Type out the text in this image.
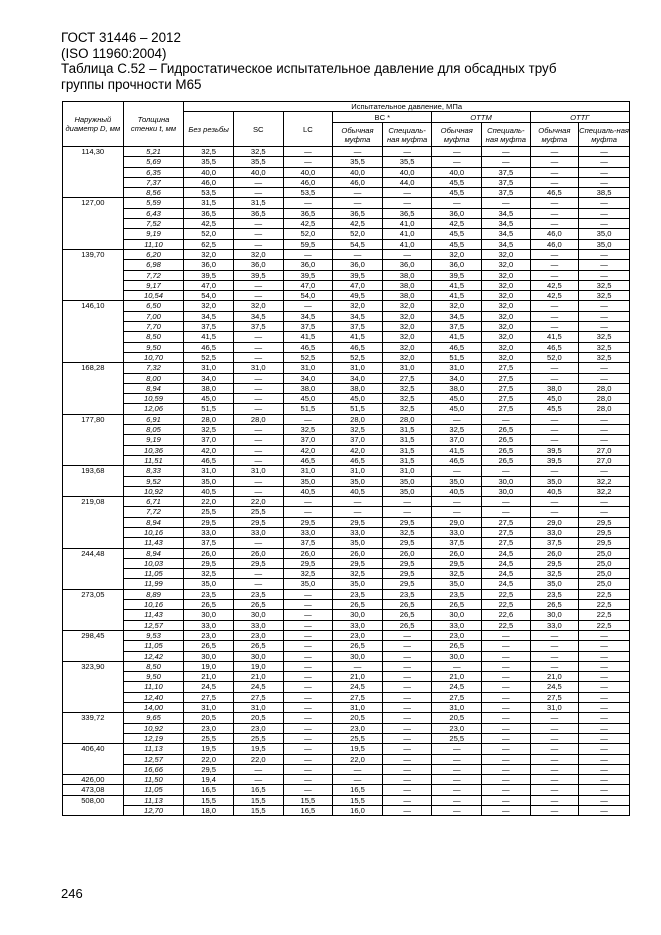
ГОСТ 31446 – 2012
(ISO 11960:2004)
Таблица С.52 – Гидростатическое испытательное давление для обсадных труб
группы прочности М65
Наружный диаметр D, мм	Толщина стенки t, мм	Испытательное давление, МПа								
		Без резьбы	SC	LC	BC *		ОТТМ		ОТТГ	
					Обычная муфта	Специаль-ная муфта	Обычная муфта	Специаль-ная муфта	Обычная муфта	Специаль-ная муфта
114,30	5,21	32,5	32,5	—	—	—	—	—	—	—
	5,69	35,5	35,5	—	35,5	35,5	—	—	—	—
	6,35	40,0	40,0	40,0	40,0	40,0	40,0	37,5	—	—
	7,37	46,0	—	46,0	46,0	44,0	45,5	37,5	—	—
	8,56	53,5	—	53,5	—	—	45,5	37,5	46,5	38,5
127,00	5,59	31,5	31,5	—	—	—	—	—	—	—
	6,43	36,5	36,5	36,5	36,5	36,5	36,0	34,5	—	—
	7,52	42,5	—	42,5	42,5	41,0	42,5	34,5	—	—
	9,19	52,0	—	52,0	52,0	41,0	45,5	34,5	46,0	35,0
	11,10	62,5	—	59,5	54,5	41,0	45,5	34,5	46,0	35,0
139,70	6,20	32,0	32,0	—	—	—	32,0	32,0	—	—
	6,98	36,0	36,0	36,0	36,0	36,0	36,0	32,0	—	—
	7,72	39,5	39,5	39,5	39,5	38,0	39,5	32,0	—	—
	9,17	47,0	—	47,0	47,0	38,0	41,5	32,0	42,5	32,5
	10,54	54,0	—	54,0	49,5	38,0	41,5	32,0	42,5	32,5
146,10	6,50	32,0	32,0	—	32,0	32,0	32,0	32,0	—	—
	7,00	34,5	34,5	34,5	34,5	32,0	34,5	32,0	—	—
	7,70	37,5	37,5	37,5	37,5	32,0	37,5	32,0	—	—
	8,50	41,5	—	41,5	41,5	32,0	41,5	32,0	41,5	32,5
	9,50	46,5	—	46,5	46,5	32,0	46,5	32,0	46,5	32,5
	10,70	52,5	—	52,5	52,5	32,0	51,5	32,0	52,0	32,5
168,28	7,32	31,0	31,0	31,0	31,0	31,0	31,0	27,5	—	—
	8,00	34,0	—	34,0	34,0	27,5	34,0	27,5	—	—
	8,94	38,0	—	38,0	38,0	32,5	38,0	27,5	38,0	28,0
	10,59	45,0	—	45,0	45,0	32,5	45,0	27,5	45,0	28,0
	12,06	51,5	—	51,5	51,5	32,5	45,0	27,5	45,5	28,0
177,80	6,91	28,0	28,0	—	28,0	28,0	—	—	—	—
	8,05	32,5	—	32,5	32,5	31,5	32,5	26,5	—	—
	9,19	37,0	—	37,0	37,0	31,5	37,0	26,5	—	—
	10,36	42,0	—	42,0	42,0	31,5	41,5	26,5	39,5	27,0
	11,51	46,5	—	46,5	46,5	31,5	46,5	26,5	39,5	27,0
193,68	8,33	31,0	31,0	31,0	31,0	31,0	—	—	—	—
	9,52	35,0	—	35,0	35,0	35,0	35,0	30,0	35,0	32,2
	10,92	40,5	—	40,5	40,5	35,0	40,5	30,0	40,5	32,2
219,08	6,71	22,0	22,0	—	—	—	—	—	—	—
	7,72	25,5	25,5	—	—	—	—	—	—	—
	8,94	29,5	29,5	29,5	29,5	29,5	29,0	27,5	29,0	29,5
	10,16	33,0	33,0	33,0	33,0	32,5	33,0	27,5	33,0	29,5
	11,43	37,5	—	37,5	35,0	29,5	37,5	27,5	37,5	29,5
244,48	8,94	26,0	26,0	26,0	26,0	26,0	26,0	24,5	26,0	25,0
	10,03	29,5	29,5	29,5	29,5	29,5	29,5	24,5	29,5	25,0
	11,05	32,5	—	32,5	32,5	29,5	32,5	24,5	32,5	25,0
	11,99	35,0	—	35,0	35,0	29,5	35,0	24,5	35,0	25,0
273,05	8,89	23,5	23,5	—	23,5	23,5	23,5	22,5	23,5	22,5
	10,16	26,5	26,5	—	26,5	26,5	26,5	22,5	26,5	22,5
	11,43	30,0	30,0	—	30,0	26,5	30,0	22,6	30,0	22,5
	12,57	33,0	33,0	—	33,0	26,5	33,0	22,5	33,0	22,5
298,45	9,53	23,0	23,0	—	23,0	—	23,0	—	—	—
	11,05	26,5	26,5	—	26,5	—	26,5	—	—	—
	12,42	30,0	30,0	—	30,0	—	30,0	—	—	—
323,90	8,50	19,0	19,0	—	—	—	—	—	—	—
	9,50	21,0	21,0	—	21,0	—	21,0	—	21,0	—
	11,10	24,5	24,5	—	24,5	—	24,5	—	24,5	—
	12,40	27,5	27,5	—	27,5	—	27,5	—	27,5	—
	14,00	31,0	31,0	—	31,0	—	31,0	—	31,0	—
339,72	9,65	20,5	20,5	—	20,5	—	20,5	—	—	—
	10,92	23,0	23,0	—	23,0	—	23,0	—	—	—
	12,19	25,5	25,5	—	25,5	—	25,5	—	—	—
406,40	11,13	19,5	19,5	—	19,5	—	—	—	—	—
	12,57	22,0	22,0	—	22,0	—	—	—	—	—
	16,66	29,5	—	—	—	—	—	—	—	—
426,00	11,50	19,4	—	—	—	—	—	—	—	—
473,08	11,05	16,5	16,5	—	16,5	—	—	—	—	—
508,00	11,13	15,5	15,5	15,5	15,5	—	—	—	—	—
	12,70	18,0	15,5	16,5	16,0	—	—	—	—	—
246
